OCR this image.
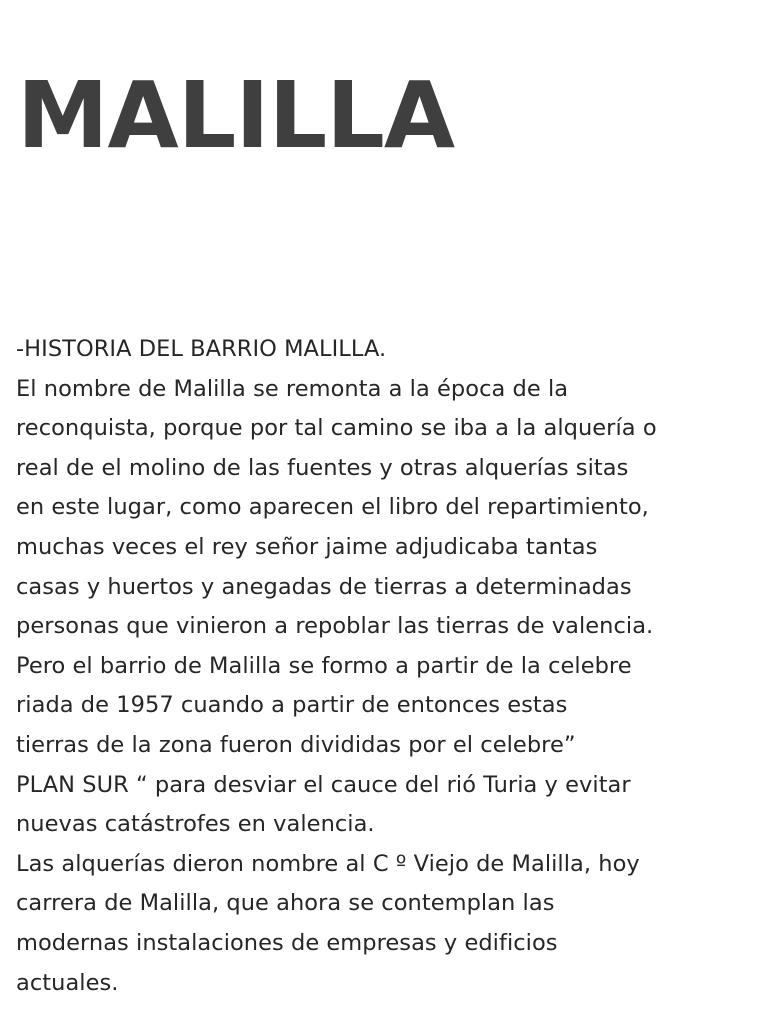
MALILLA
-HISTORIA DEL BARRIO MALILLA.
El nombre de Malilla se remonta a la época de la
reconquista, porque por tal camino se iba a la alquería o
real de el molino de las fuentes y otras alquerías sitas
en este lugar, como aparecen el libro del repartimiento,
muchas veces el rey señor jaime adjudicaba tantas
casas y huertos y anegadas de tierras a determinadas
personas que vinieron a repoblar las tierras de valencia.
Pero el barrio de Malilla se formo a partir de la celebre
riada de 1957 cuando a partir de entonces estas
tierras de la zona fueron divididas por el celebre”
PLAN SUR “ para desviar el cauce del rió Turia y evitar
nuevas catástrofes en valencia.
Las alquerías dieron nombre al C º Viejo de Malilla, hoy
carrera de Malilla, que ahora se contemplan las
modernas instalaciones de empresas y edificios
actuales.
